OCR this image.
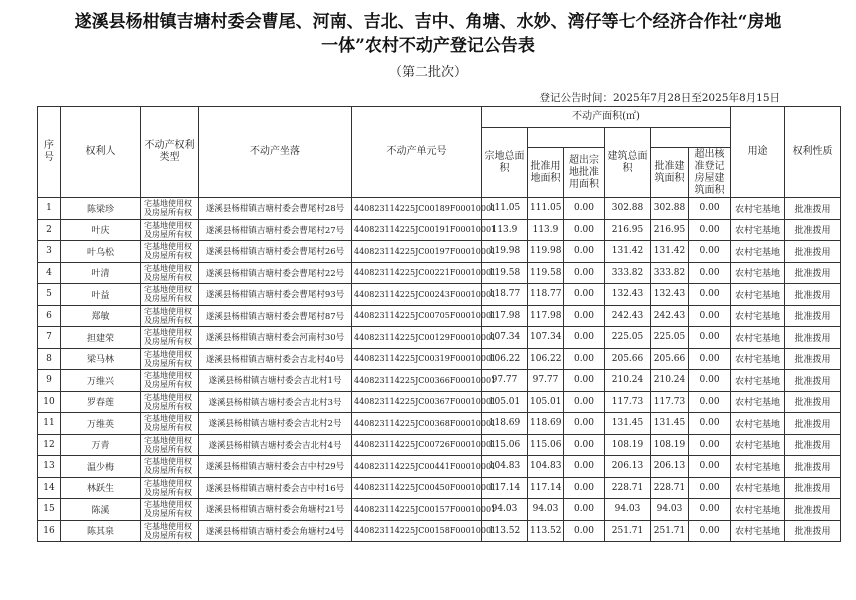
遂溪县杨柑镇吉塘村委会曹尾、河南、吉北、吉中、角塘、水妙、湾仔等七个经济合作社“房地
一体”农村不动产登记公告表
（第二批次）
登记公告时间：2025年7月28日至2025年8月15日
序号	权利人	不动产权利类型	不动产坐落	不动产单元号	不动产面积(㎡)						用途	权利性质
					宗地总面积			建筑总面积				
						批准用地面积	超出宗地批准用面积		批准建筑面积	超出核准登记房屋建筑面积		
1	陈梁珍	宅基地使用权及房屋所有权	遂溪县杨柑镇吉塘村委会曹尾村28号	440823114225JC00189F00010001	111.05	111.05	0.00	302.88	302.88	0.00	农村宅基地	批准拨用
2	叶庆	宅基地使用权及房屋所有权	遂溪县杨柑镇吉塘村委会曹尾村27号	440823114225JC00191F00010001	113.9	113.9	0.00	216.95	216.95	0.00	农村宅基地	批准拨用
3	叶乌松	宅基地使用权及房屋所有权	遂溪县杨柑镇吉塘村委会曹尾村26号	440823114225JC00197F00010001	119.98	119.98	0.00	131.42	131.42	0.00	农村宅基地	批准拨用
4	叶清	宅基地使用权及房屋所有权	遂溪县杨柑镇吉塘村委会曹尾村22号	440823114225JC00221F00010001	119.58	119.58	0.00	333.82	333.82	0.00	农村宅基地	批准拨用
5	叶益	宅基地使用权及房屋所有权	遂溪县杨柑镇吉塘村委会曹尾村93号	440823114225JC00243F00010001	118.77	118.77	0.00	132.43	132.43	0.00	农村宅基地	批准拨用
6	郑敏	宅基地使用权及房屋所有权	遂溪县杨柑镇吉塘村委会曹尾村87号	440823114225JC00705F00010001	117.98	117.98	0.00	242.43	242.43	0.00	农村宅基地	批准拨用
7	担建荣	宅基地使用权及房屋所有权	遂溪县杨柑镇吉塘村委会河南村30号	440823114225JC00129F00010001	107.34	107.34	0.00	225.05	225.05	0.00	农村宅基地	批准拨用
8	梁马林	宅基地使用权及房屋所有权	遂溪县杨柑镇吉塘村委会吉北村40号	440823114225JC00319F00010001	106.22	106.22	0.00	205.66	205.66	0.00	农村宅基地	批准拨用
9	万维兴	宅基地使用权及房屋所有权	遂溪县杨柑镇吉塘村委会吉北村1号	440823114225JC00366F00010001	97.77	97.77	0.00	210.24	210.24	0.00	农村宅基地	批准拨用
10	罗春莲	宅基地使用权及房屋所有权	遂溪县杨柑镇吉塘村委会吉北村3号	440823114225JC00367F00010001	105.01	105.01	0.00	117.73	117.73	0.00	农村宅基地	批准拨用
11	万维英	宅基地使用权及房屋所有权	遂溪县杨柑镇吉塘村委会吉北村2号	440823114225JC00368F00010001	118.69	118.69	0.00	131.45	131.45	0.00	农村宅基地	批准拨用
12	万青	宅基地使用权及房屋所有权	遂溪县杨柑镇吉塘村委会吉北村4号	440823114225JC00726F00010001	115.06	115.06	0.00	108.19	108.19	0.00	农村宅基地	批准拨用
13	温少梅	宅基地使用权及房屋所有权	遂溪县杨柑镇吉塘村委会吉中村29号	440823114225JC00441F00010001	104.83	104.83	0.00	206.13	206.13	0.00	农村宅基地	批准拨用
14	林跃生	宅基地使用权及房屋所有权	遂溪县杨柑镇吉塘村委会吉中村16号	440823114225JC00450F00010001	117.14	117.14	0.00	228.71	228.71	0.00	农村宅基地	批准拨用
15	陈溪	宅基地使用权及房屋所有权	遂溪县杨柑镇吉塘村委会角塘村21号	440823114225JC00157F00010001	94.03	94.03	0.00	94.03	94.03	0.00	农村宅基地	批准拨用
16	陈其泉	宅基地使用权及房屋所有权	遂溪县杨柑镇吉塘村委会角塘村24号	440823114225JC00158F00010001	113.52	113.52	0.00	251.71	251.71	0.00	农村宅基地	批准拨用
